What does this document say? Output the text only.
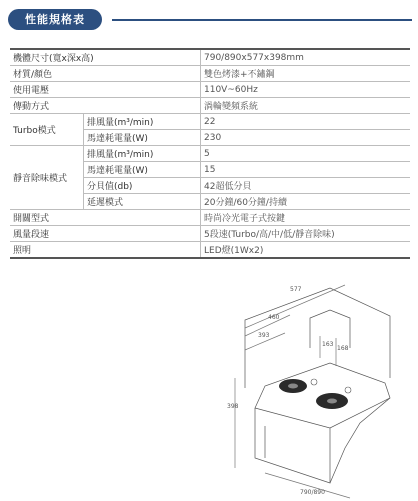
性能規格表
機體尺寸(寬x深x高)		790/890x577x398mm
材質/顏色		雙色烤漆+不鏽鋼
使用電壓		110V~60Hz
傳動方式		渦輪變頻系統
Turbo模式	排風量(m³/min)	22
	馬達耗電量(W)	230
靜音除味模式	排風量(m³/min)	5
	馬達耗電量(W)	15
	分貝值(db)	42超低分貝
	延遲模式	20分鐘/60分鐘/持續
開關型式		時尚冷光電子式按鍵
風量段速		5段速(Turbo/高/中/低/靜音除味)
照明		LED燈(1Wx2)
577
460
393
163
168
398
790/890
